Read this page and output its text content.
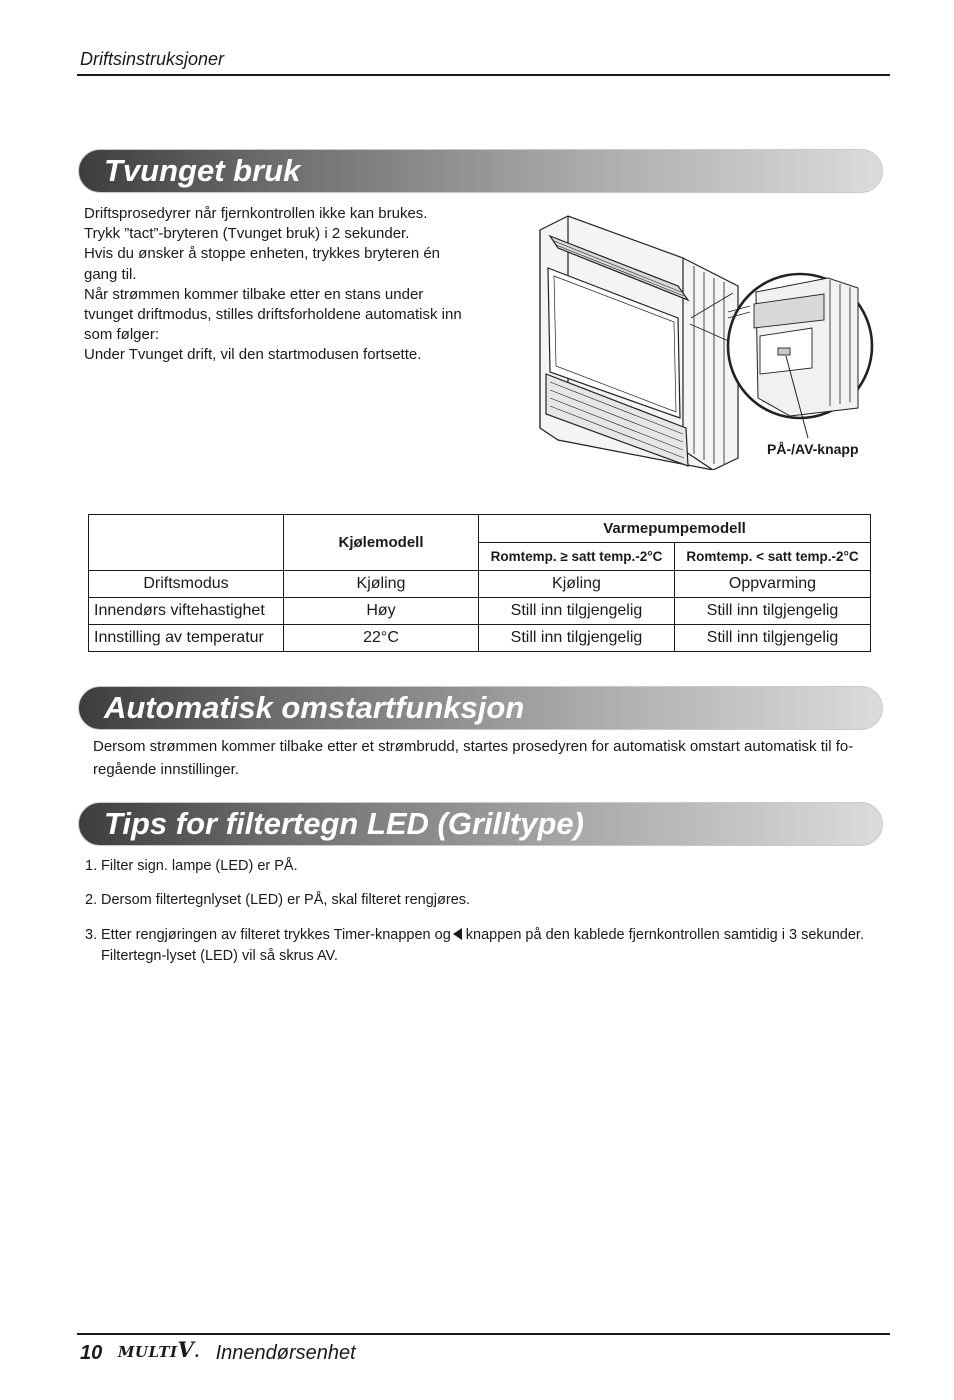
Driftsinstruksjoner
Tvunget bruk

Driftsprosedyrer når fjernkontrollen ikke kan brukes.

Trykk ”tact”-bryteren (Tvunget bruk) i 2 sekunder.

Hvis du ønsker å stoppe enheten, trykkes bryteren én

gang til.

Når strømmen kommer tilbake etter en stans under

tvunget driftmodus, stilles driftsforholdene automatisk inn

som følger:

Under Tvunget drift, vil den startmodusen fortsette.

PÅ-/AV-knapp
	Kjølemodell	Varmepumpemodell	
		Romtemp. ≥ satt temp.-2°C	Romtemp. < satt temp.-2°C
Driftsmodus	Kjøling	Kjøling	Oppvarming
Innendørs viftehastighet	Høy	Still inn tilgjengelig	Still inn tilgjengelig
Innstilling av temperatur	22°C	Still inn tilgjengelig	Still inn tilgjengelig
Automatisk omstartfunksjon
Dersom strømmen kommer tilbake etter et strømbrudd, startes prosedyren for automatisk omstart automatisk til fo-
regående innstillinger.
Tips for filtertegn LED (Grilltype)
1. Filter sign. lampe (LED) er PÅ.
2. Dersom filtertegnlyset (LED) er PÅ, skal filteret rengjøres.
3. Etter rengjøringen av filteret trykkes Timer-knappen og knappen på den kablede fjernkontrollen samtidig i 3 sekunder.
Filtertegn-lyset (LED) vil så skrus AV.
10 MULTIV. Innendørsenhet
